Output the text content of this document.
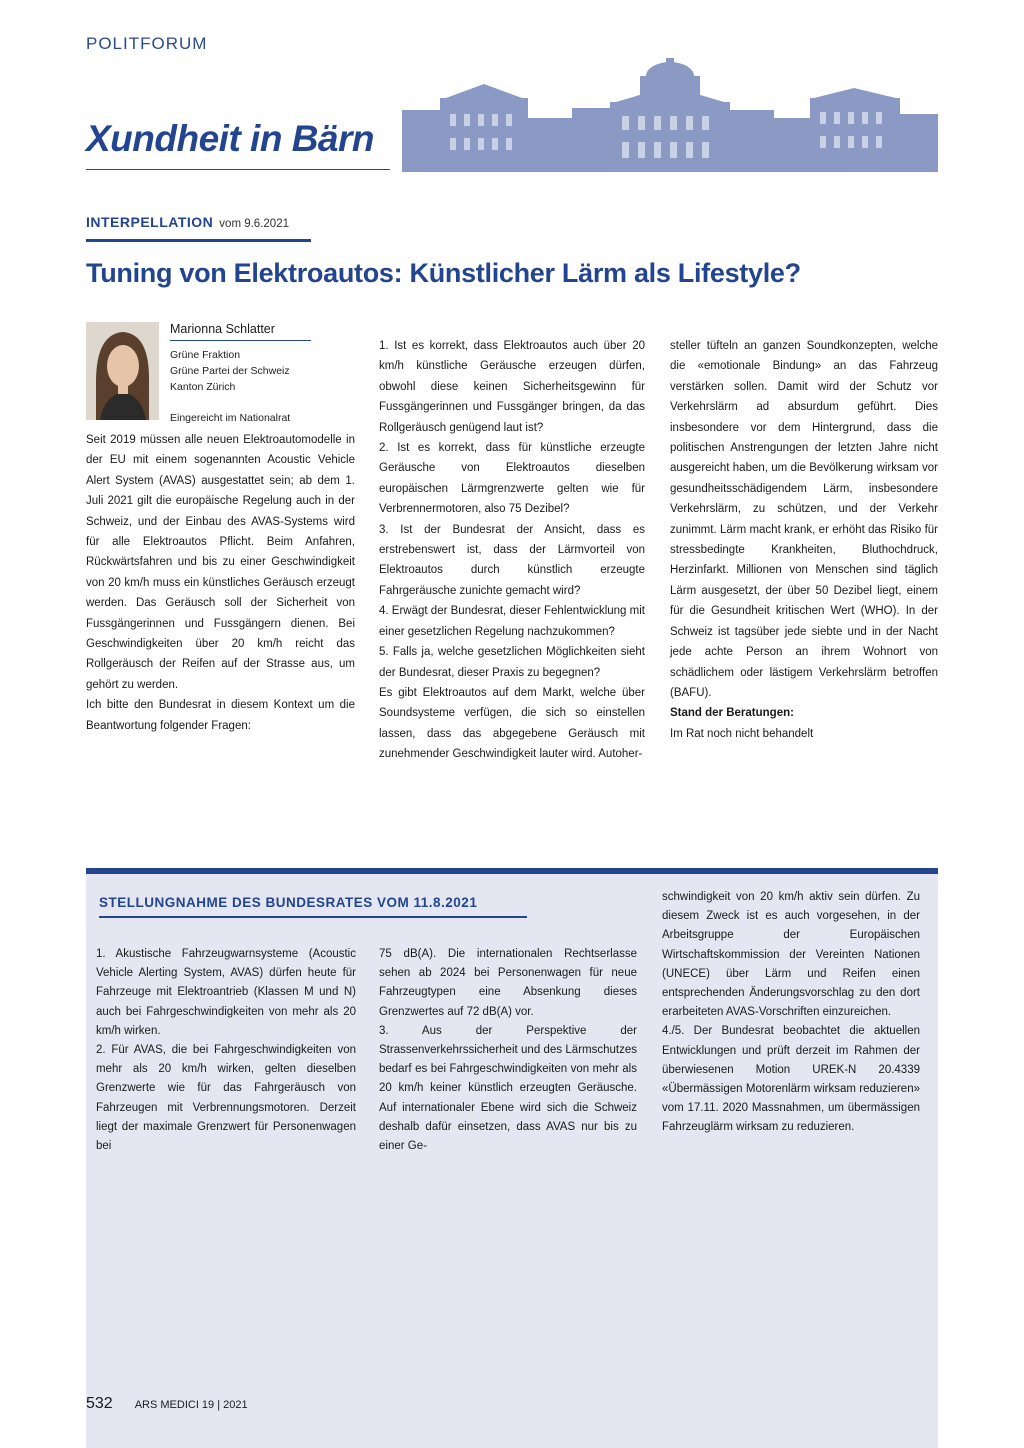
POLITFORUM
Xundheit in Bärn
INTERPELLATION vom 9.6.2021
Tuning von Elektroautos: Künstlicher Lärm als Lifestyle?
Marionna Schlatter
Grüne Fraktion
Grüne Partei der Schweiz
Kanton Zürich
Eingereicht im Nationalrat

Seit 2019 müssen alle neuen Elektroautomodelle in der EU mit einem sogenannten Acoustic Vehicle Alert System (AVAS) ausgestattet sein; ab dem 1. Juli 2021 gilt die europäische Regelung auch in der Schweiz, und der Einbau des AVAS-Systems wird für alle Elektroautos Pflicht. Beim Anfahren, Rückwärtsfahren und bis zu einer Geschwindigkeit von 20 km/h muss ein künstliches Geräusch erzeugt werden. Das Geräusch soll der Sicherheit von Fussgängerinnen und Fussgängern dienen. Bei Geschwindigkeiten über 20 km/h reicht das Rollgeräusch der Reifen auf der Strasse aus, um gehört zu werden.

Ich bitte den Bundesrat in diesem Kontext um die Beantwortung folgender Fragen:

1. Ist es korrekt, dass Elektroautos auch über 20 km/h künstliche Geräusche erzeugen dürfen, obwohl diese keinen Sicherheitsgewinn für Fussgängerinnen und Fussgänger bringen, da das Rollgeräusch genügend laut ist?

2. Ist es korrekt, dass für künstliche erzeugte Geräusche von Elektroautos dieselben europäischen Lärmgrenzwerte gelten wie für Verbrennermotoren, also 75 Dezibel?

3. Ist der Bundesrat der Ansicht, dass es erstrebenswert ist, dass der Lärmvorteil von Elektroautos durch künstlich erzeugte Fahrgeräusche zunichte gemacht wird?

4. Erwägt der Bundesrat, dieser Fehlentwicklung mit einer gesetzlichen Regelung nachzukommen?

5. Falls ja, welche gesetzlichen Möglichkeiten sieht der Bundesrat, dieser Praxis zu begegnen?

Es gibt Elektroautos auf dem Markt, welche über Soundsysteme verfügen, die sich so einstellen lassen, dass das abgegebene Geräusch mit zunehmender Geschwindigkeit lauter wird. Autoher-

steller tüfteln an ganzen Soundkonzepten, welche die «emotionale Bindung» an das Fahrzeug verstärken sollen. Damit wird der Schutz vor Verkehrslärm ad absurdum geführt. Dies insbesondere vor dem Hintergrund, dass die politischen Anstrengungen der letzten Jahre nicht ausgereicht haben, um die Bevölkerung wirksam vor gesundheitsschädigendem Lärm, insbesondere Verkehrslärm, zu schützen, und der Verkehr zunimmt. Lärm macht krank, er erhöht das Risiko für stressbedingte Krankheiten, Bluthochdruck, Herzinfarkt. Millionen von Menschen sind täglich Lärm ausgesetzt, der über 50 Dezibel liegt, einem für die Gesundheit kritischen Wert (WHO). In der Schweiz ist tagsüber jede siebte und in der Nacht jede achte Person an ihrem Wohnort von schädlichem oder lästigem Verkehrslärm betroffen (BAFU).

Stand der Beratungen:

Im Rat noch nicht behandelt

STELLUNGNAHME DES BUNDESRATES VOM 11.8.2021

1. Akustische Fahrzeugwarnsysteme (Acoustic Vehicle Alerting System, AVAS) dürfen heute für Fahrzeuge mit Elektroantrieb (Klassen M und N) auch bei Fahrgeschwindigkeiten von mehr als 20 km/h wirken.

2. Für AVAS, die bei Fahrgeschwindigkeiten von mehr als 20 km/h wirken, gelten dieselben Grenzwerte wie für das Fahrgeräusch von Fahrzeugen mit Verbrennungsmotoren. Derzeit liegt der maximale Grenzwert für Personenwagen bei

75 dB(A). Die internationalen Rechtserlasse sehen ab 2024 bei Personenwagen für neue Fahrzeugtypen eine Absenkung dieses Grenzwertes auf 72 dB(A) vor.

3. Aus der Perspektive der Strassenverkehrssicherheit und des Lärmschutzes bedarf es bei Fahrgeschwindigkeiten von mehr als 20 km/h keiner künstlich erzeugten Geräusche. Auf internationaler Ebene wird sich die Schweiz deshalb dafür einsetzen, dass AVAS nur bis zu einer Ge-

schwindigkeit von 20 km/h aktiv sein dürfen. Zu diesem Zweck ist es auch vorgesehen, in der Arbeitsgruppe der Europäischen Wirtschaftskommission der Vereinten Nationen (UNECE) über Lärm und Reifen einen entsprechenden Änderungsvorschlag zu den dort erarbeiteten AVAS-Vorschriften einzureichen.

4./5. Der Bundesrat beobachtet die aktuellen Entwicklungen und prüft derzeit im Rahmen der überwiesenen Motion UREK-N 20.4339 «Übermässigen Motorenlärm wirksam reduzieren» vom 17.11. 2020 Massnahmen, um übermässigen Fahrzeuglärm wirksam zu reduzieren.

532 ARS MEDICI 19 | 2021
